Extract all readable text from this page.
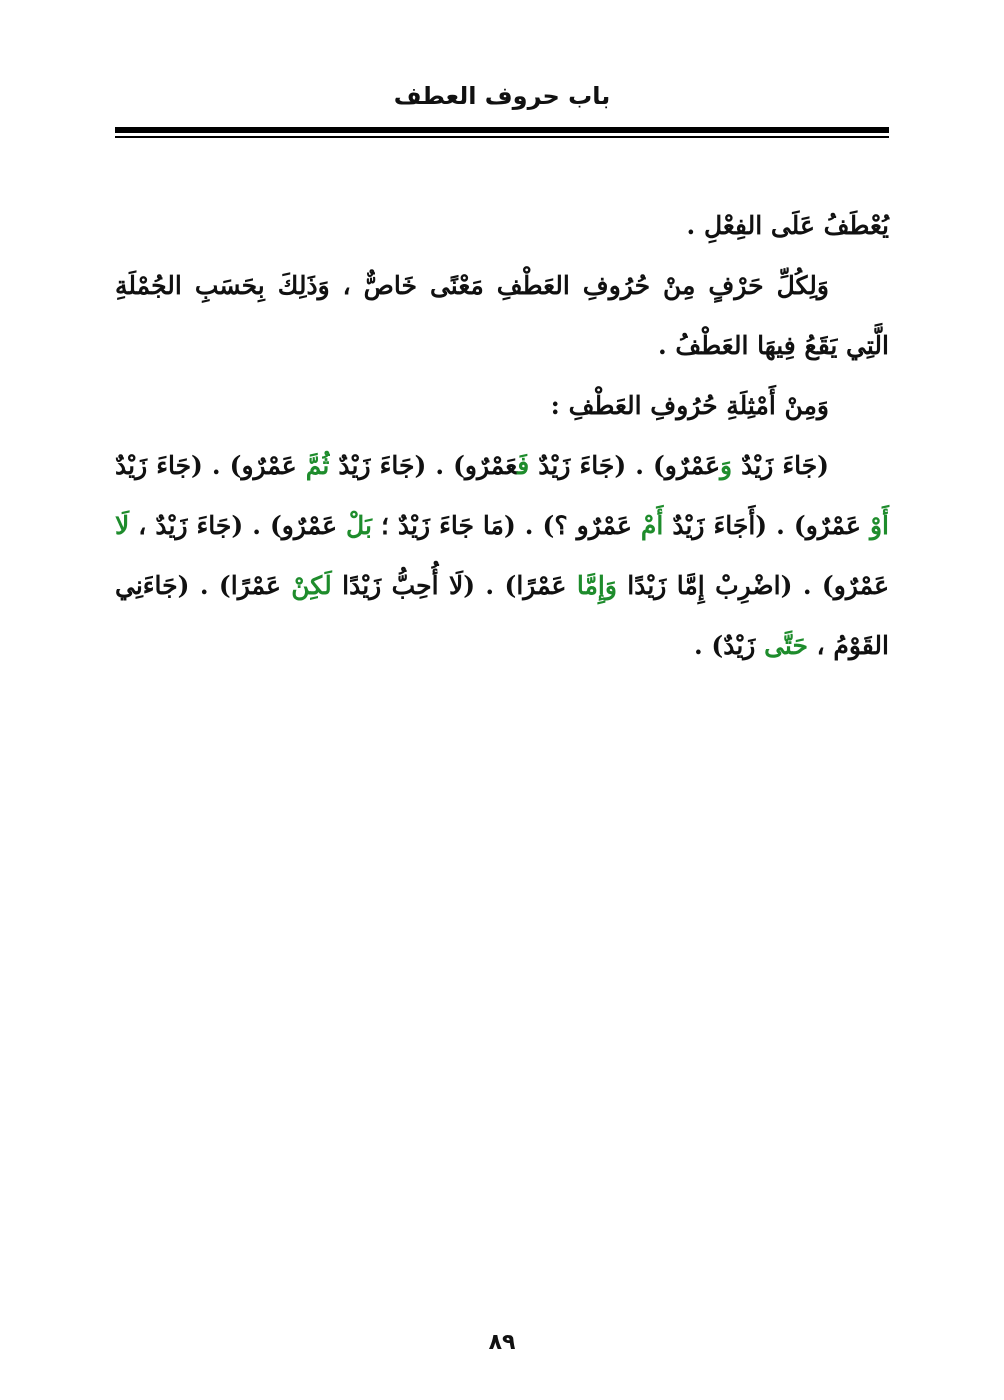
باب حروف العطف

يُعْطَفُ عَلَى الفِعْلِ .

وَلِكُلِّ حَرْفٍ مِنْ حُرُوفِ العَطْفِ مَعْنًى خَاصٌّ ، وَذَلِكَ بِحَسَبِ الجُمْلَةِ الَّتِي يَقَعُ فِيهَا العَطْفُ .

وَمِنْ أَمْثِلَةِ حُرُوفِ العَطْفِ :

(جَاءَ زَيْدٌ وَعَمْرٌو) . (جَاءَ زَيْدٌ فَعَمْرٌو) . (جَاءَ زَيْدٌ ثُمَّ عَمْرٌو) . (جَاءَ زَيْدٌ أَوْ عَمْرٌو) . (أَجَاءَ زَيْدٌ أَمْ عَمْرٌو ؟) . (مَا جَاءَ زَيْدٌ ؛ بَلْ عَمْرٌو) . (جَاءَ زَيْدٌ ، لَا عَمْرٌو) . (اضْرِبْ إِمَّا زَيْدًا وَإِمَّا عَمْرًا) . (لَا أُحِبُّ زَيْدًا لَكِنْ عَمْرًا) . (جَاءَنِي القَوْمُ ، حَتَّى زَيْدٌ) .

٨٩
